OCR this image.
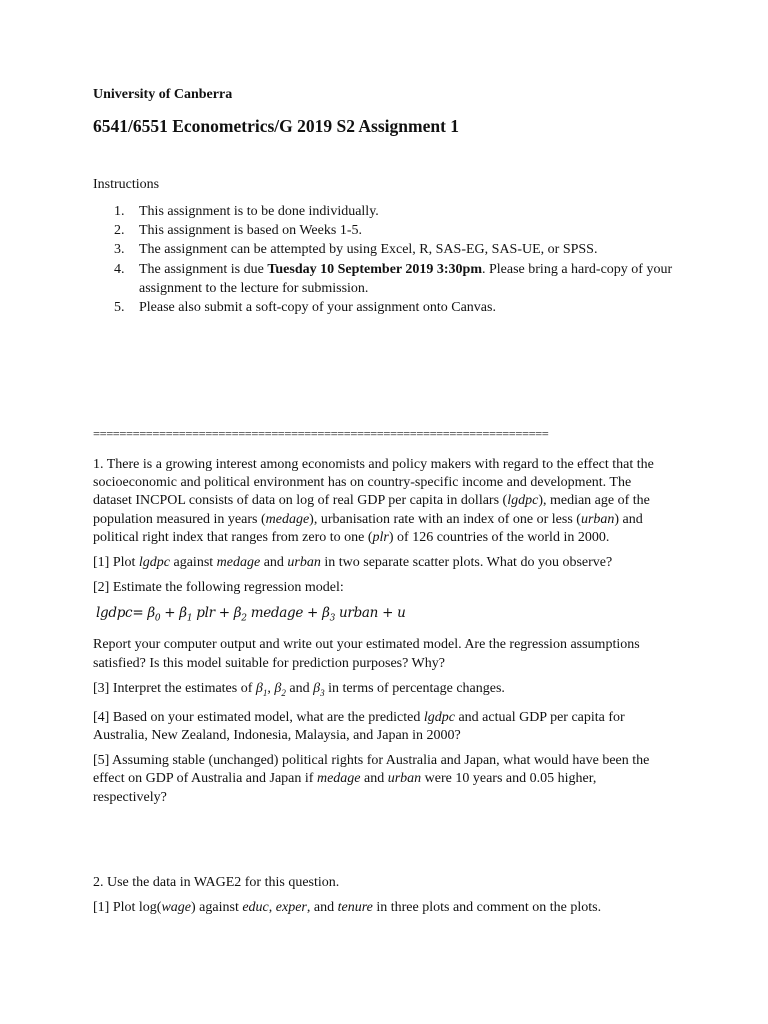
University of Canberra
6541/6551 Econometrics/G 2019 S2 Assignment 1
Instructions
1. This assignment is to be done individually.
2. This assignment is based on Weeks 1-5.
3. The assignment can be attempted by using Excel, R, SAS-EG, SAS-UE, or SPSS.
4. The assignment is due Tuesday 10 September 2019 3:30pm. Please bring a hard-copy of your assignment to the lecture for submission.
5. Please also submit a soft-copy of your assignment onto Canvas.
=====================================================================

1. There is a growing interest among economists and policy makers with regard to the effect that the socioeconomic and political environment has on country-specific income and development. The dataset INCPOL consists of data on log of real GDP per capita in dollars (lgdpc), median age of the population measured in years (medage), urbanisation rate with an index of one or less (urban) and political right index that ranges from zero to one (plr) of 126 countries of the world in 2000.

[1] Plot lgdpc against medage and urban in two separate scatter plots. What do you observe?

[2] Estimate the following regression model:

lgdpc= $\beta_0 + \beta_1$ plr + $\beta_2$ medage + $\beta_3$ urban + u

Report your computer output and write out your estimated model. Are the regression assumptions satisfied? Is this model suitable for prediction purposes? Why?

[3] Interpret the estimates of $\beta_1$, $\beta_2$ and $\beta_3$ in terms of percentage changes.

[4] Based on your estimated model, what are the predicted lgdpc and actual GDP per capita for Australia, New Zealand, Indonesia, Malaysia, and Japan in 2000?

[5] Assuming stable (unchanged) political rights for Australia and Japan, what would have been the effect on GDP of Australia and Japan if medage and urban were 10 years and 0.05 higher, respectively?

2. Use the data in WAGE2 for this question.

[1] Plot log(wage) against educ, exper, and tenure in three plots and comment on the plots.
